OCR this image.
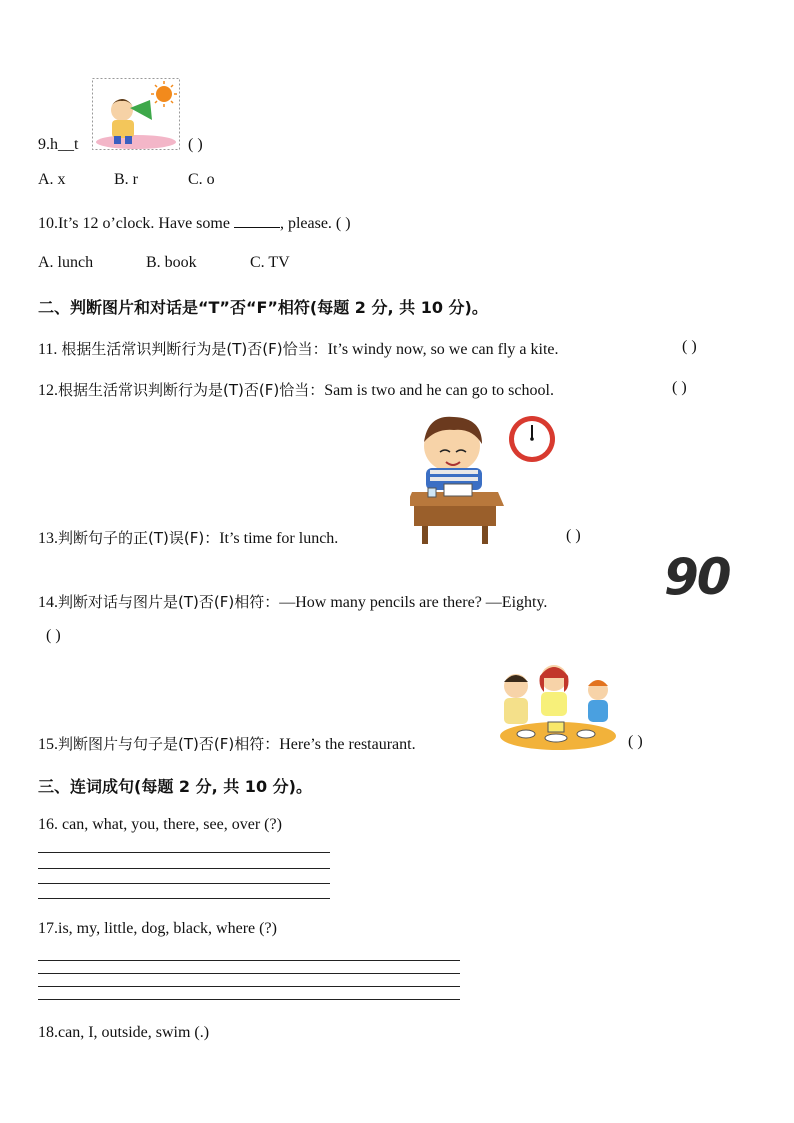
9.h__t	( )
A. x	B. r	C. o
10.It’s 12 o’clock. Have some	, please. ( )
A. lunch	B. book	C. TV
二、判断图片和对话是“T”否“F”相符(每题 2 分, 共 10 分)。
11. 根据生活常识判断行为是(T)否(F)恰当：It’s windy now, so we can fly a kite.	( )
12.根据生活常识判断行为是(T)否(F)恰当：Sam is two and he can go to school.	( )
13.判断句子的正(T)误(F)：It’s time for lunch.	( )
14.判断对话与图片是(T)否(F)相符：—How many pencils are there? —Eighty. 90
( )
15.判断图片与句子是(T)否(F)相符：Here’s the restaurant.	( )
三、连词成句(每题 2 分, 共 10 分)。
16. can, what, you, there, see, over (?)
17.is, my, little, dog, black, where (?)
18.can, I, outside, swim (.)
